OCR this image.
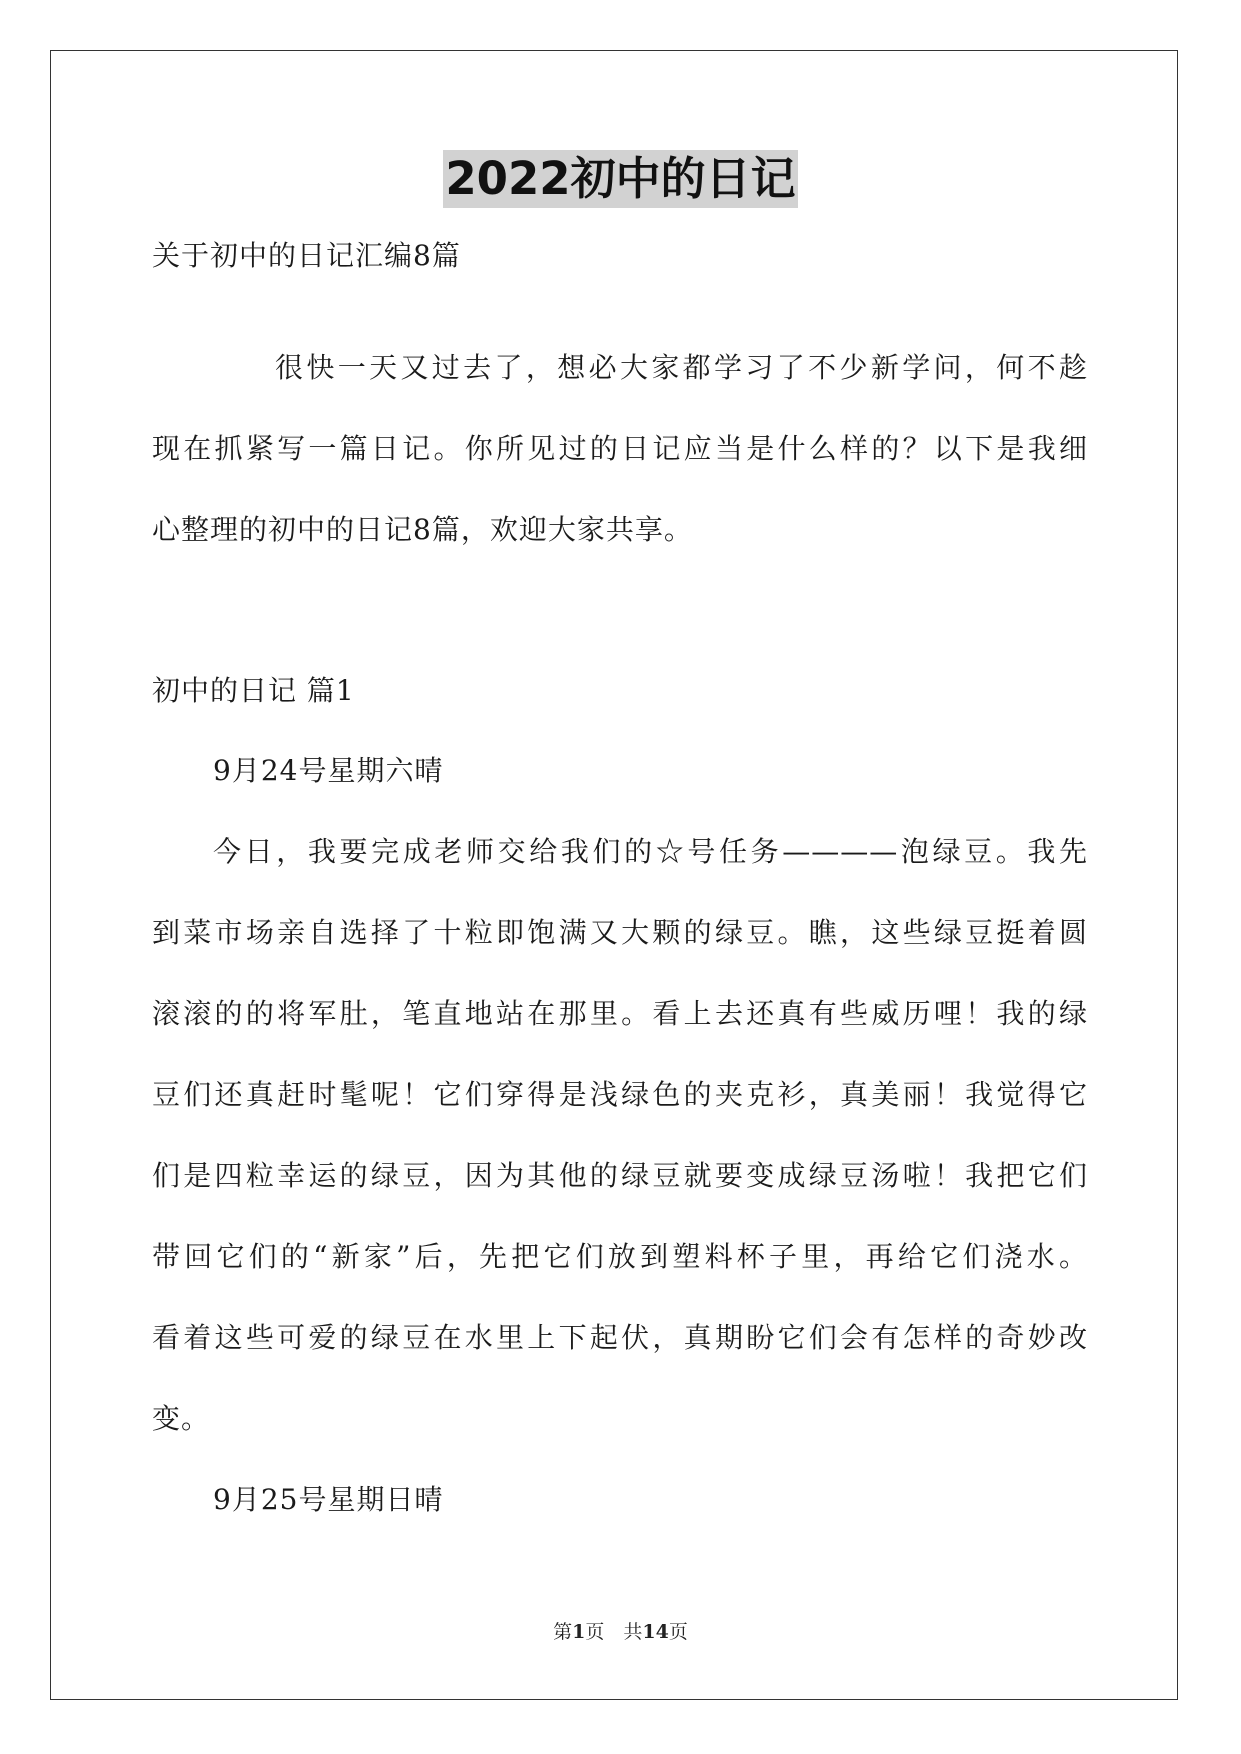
2022初中的日记
关于初中的日记汇编8篇
很快一天又过去了，想必大家都学习了不少新学问，何不趁
现在抓紧写一篇日记。你所见过的日记应当是什么样的？以下是我细
心整理的初中的日记8篇，欢迎大家共享。
初中的日记 篇1
9月24号星期六晴
今日，我要完成老师交给我们的☆号任务————泡绿豆。我先
到菜市场亲自选择了十粒即饱满又大颗的绿豆。瞧，这些绿豆挺着圆
滚滚的的将军肚，笔直地站在那里。看上去还真有些威历哩！我的绿
豆们还真赶时髦呢！它们穿得是浅绿色的夹克衫，真美丽！我觉得它
们是四粒幸运的绿豆，因为其他的绿豆就要变成绿豆汤啦！我把它们
带回它们的“新家”后，先把它们放到塑料杯子里，再给它们浇水。
看着这些可爱的绿豆在水里上下起伏，真期盼它们会有怎样的奇妙改
变。
9月25号星期日晴
第1页　共14页
